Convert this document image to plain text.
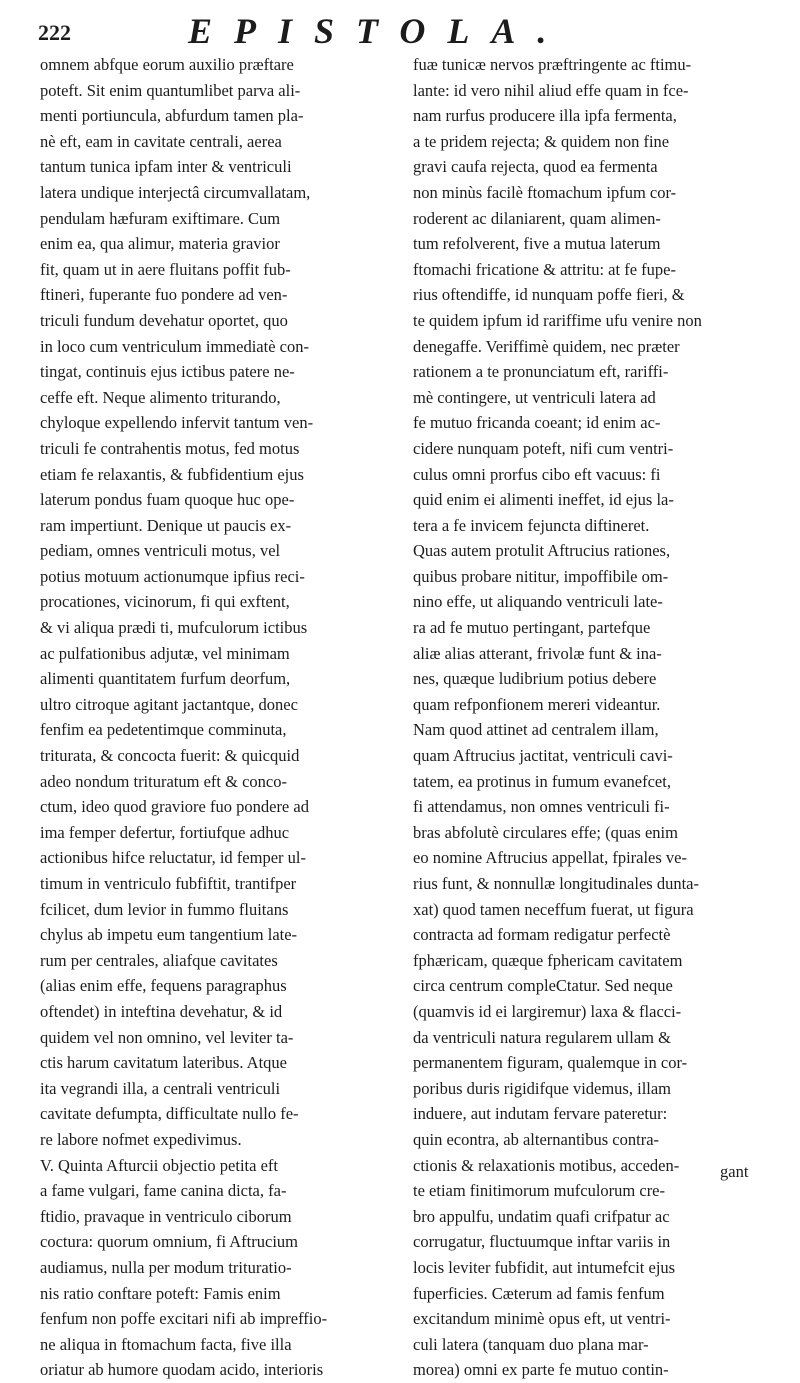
222	EPISTOLA.
omnem abfque eorum auxilio præftare
poteft. Sit enim quantumlibet parva ali-
menti portiuncula, abfurdum tamen pla-
nè eft, eam in cavitate centrali, aerea
tantum tunica ipfam inter & ventriculi
latera undique interjectâ circumvallatam,
pendulam hæfuram exiftimare. Cum
enim ea, qua alimur, materia gravior
fit, quam ut in aere fluitans poffit fub-
ftineri, fuperante fuo pondere ad ven-
triculi fundum devehatur oportet, quo
in loco cum ventriculum immediatè con-
tingat, continuis ejus ictibus patere ne-
ceffe eft. Neque alimento triturando,
chyloque expellendo infervit tantum ven-
triculi fe contrahentis motus, fed motus
etiam fe relaxantis, & fubfidentium ejus
laterum pondus fuam quoque huc ope-
ram impertiunt. Denique ut paucis ex-
pediam, omnes ventriculi motus, vel
potius motuum actionumque ipfius reci-
procationes, vicinorum, fi qui exftent,
& vi aliqua prædi ti, mufculorum ictibus
ac pulfationibus adjutæ, vel minimam
alimenti quantitatem furfum deorfum,
ultro citroque agitant jactantque, donec
fenfim ea pedetentimque comminuta,
triturata, & concocta fuerit: & quicquid
adeo nondum trituratum eft & conco-
ctum, ideo quod graviore fuo pondere ad
ima femper defertur, fortiufque adhuc
actionibus hifce reluctatur, id femper ul-
timum in ventriculo fubfiftit, trantifper
fcilicet, dum levior in fummo fluitans
chylus ab impetu eum tangentium late-
rum per centrales, aliafque cavitates
(alias enim effe, fequens paragraphus
oftendet) in inteftina devehatur, & id
quidem vel non omnino, vel leviter ta-
ctis harum cavitatum lateribus. Atque
ita vegrandi illa, a centrali ventriculi
cavitate defumpta, difficultate nullo fe-
re labore nofmet expedivimus.
V. Quinta Afturcii objectio petita eft
a fame vulgari, fame canina dicta, fa-
ftidio, pravaque in ventriculo ciborum
coctura: quorum omnium, fi Aftrucium
audiamus, nulla per modum trituratio-
nis ratio conftare poteft: Famis enim
fenfum non poffe excitari nifi ab impreffio-
ne aliqua in ftomachum facta, five illa
oriatur ab humore quodam acido, interioris
fuæ tunicæ nervos præftringente ac ftimu-
lante: id vero nihil aliud effe quam in fce-
nam rurfus producere illa ipfa fermenta,
a te pridem rejecta; & quidem non fine
gravi caufa rejecta, quod ea fermenta
non minùs facilè ftomachum ipfum cor-
roderent ac dilaniarent, quam alimen-
tum refolverent, five a mutua laterum
ftomachi fricatione & attritu: at fe fupe-
rius oftendiffe, id nunquam poffe fieri, &
te quidem ipfum id rariffime ufu venire non
denegaffe. Veriffimè quidem, nec præter
rationem a te pronunciatum eft, rariffi-
mè contingere, ut ventriculi latera ad
fe mutuo fricanda coeant; id enim ac-
cidere nunquam poteft, nifi cum ventri-
culus omni prorfus cibo eft vacuus: fi
quid enim ei alimenti ineffet, id ejus la-
tera a fe invicem fejuncta diftineret.
Quas autem protulit Aftrucius rationes,
quibus probare nititur, impoffibile om-
nino effe, ut aliquando ventriculi late-
ra ad fe mutuo pertingant, partefque
aliæ alias atterant, frivolæ funt & ina-
nes, quæque ludibrium potius debere
quam refponfionem mereri videantur.
Nam quod attinet ad centralem illam,
quam Aftrucius jactitat, ventriculi cavi-
tatem, ea protinus in fumum evanefcet,
fi attendamus, non omnes ventriculi fi-
bras abfolutè circulares effe; (quas enim
eo nomine Aftrucius appellat, fpirales ve-
rius funt, & nonnullæ longitudinales dunta-
xat) quod tamen neceffum fuerat, ut figura
contracta ad formam redigatur perfectè
fphæricam, quæque fphericam cavitatem
circa centrum compleCtatur. Sed neque
(quamvis id ei largiremur) laxa & flacci-
da ventriculi natura regularem ullam &
permanentem figuram, qualemque in cor-
poribus duris rigidifque videmus, illam
induere, aut indutam fervare pateretur:
quin econtra, ab alternantibus contra-
ctionis & relaxationis motibus, acceden-
te etiam finitimorum mufculorum cre-
bro appulfu, undatim quafi crifpatur ac
corrugatur, fluctuumque inftar variis in
locis leviter fubfidit, aut intumefcit ejus
fuperficies. Cæterum ad famis fenfum
excitandum minimè opus eft, ut ventri-
culi latera (tanquam duo plana mar-
morea) omni ex parte fe mutuo contin-
gant
